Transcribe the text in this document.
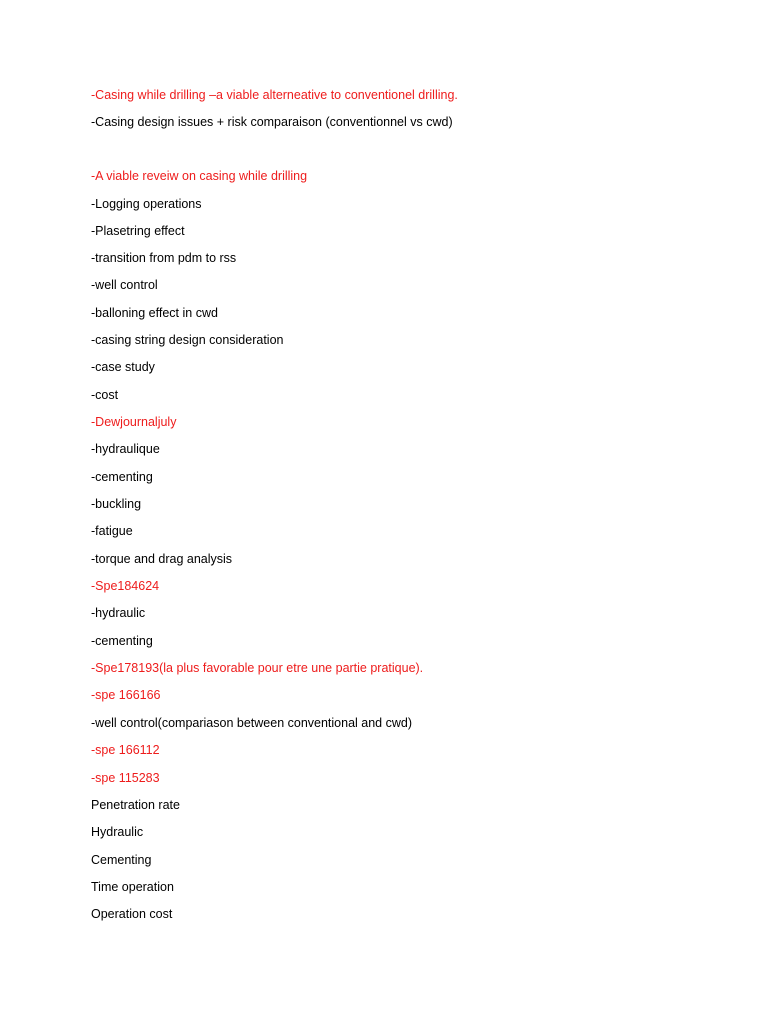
-Casing while drilling –a viable alterneative to conventionel drilling.
-Casing design issues + risk comparaison (conventionnel vs cwd)
-A viable reveiw on casing while drilling
-Logging operations
-Plasetring effect
-transition from pdm to rss
-well control
-balloning effect in cwd
-casing string design consideration
-case study
-cost
-Dewjournaljuly
-hydraulique
-cementing
-buckling
-fatigue
-torque and drag analysis
-Spe184624
-hydraulic
-cementing
-Spe178193(la plus favorable pour etre une partie pratique).
-spe 166166
-well control(compariason between conventional and cwd)
-spe 166112
-spe 115283
Penetration rate
Hydraulic
Cementing
Time operation
Operation cost
